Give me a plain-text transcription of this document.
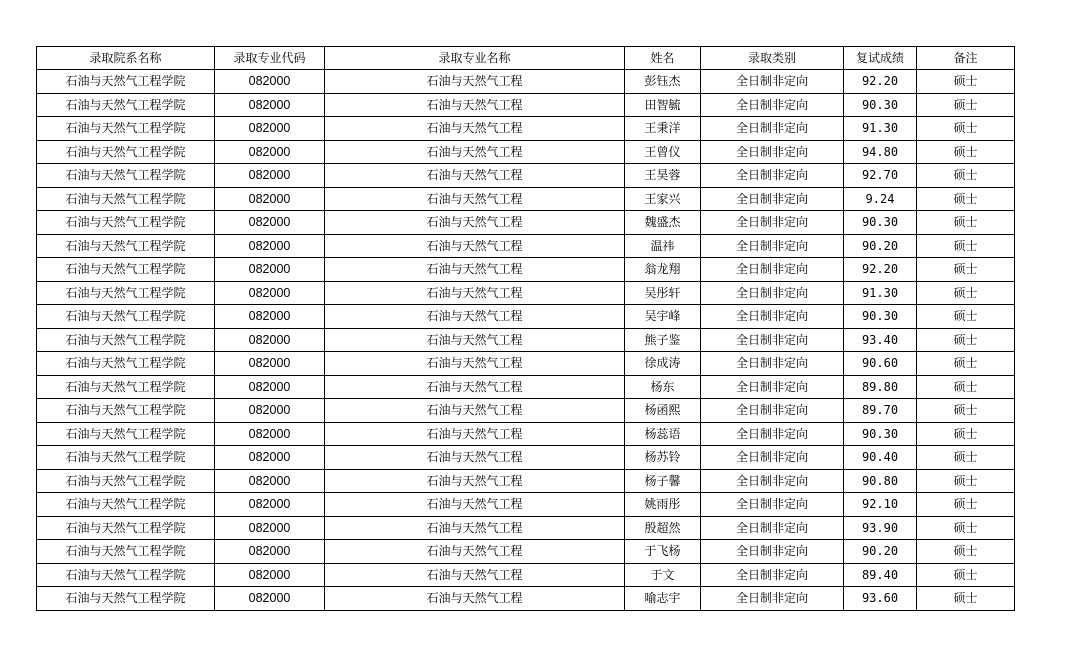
录取院系名称	录取专业代码	录取专业名称	姓名	录取类别	复试成绩	备注
石油与天然气工程学院	082000	石油与天然气工程	彭钰杰	全日制非定向	92.20	硕士
石油与天然气工程学院	082000	石油与天然气工程	田智毓	全日制非定向	90.30	硕士
石油与天然气工程学院	082000	石油与天然气工程	王秉洋	全日制非定向	91.30	硕士
石油与天然气工程学院	082000	石油与天然气工程	王曾仪	全日制非定向	94.80	硕士
石油与天然气工程学院	082000	石油与天然气工程	王昊蓉	全日制非定向	92.70	硕士
石油与天然气工程学院	082000	石油与天然气工程	王家兴	全日制非定向	9.24	硕士
石油与天然气工程学院	082000	石油与天然气工程	魏盛杰	全日制非定向	90.30	硕士
石油与天然气工程学院	082000	石油与天然气工程	温祎	全日制非定向	90.20	硕士
石油与天然气工程学院	082000	石油与天然气工程	翁龙翔	全日制非定向	92.20	硕士
石油与天然气工程学院	082000	石油与天然气工程	吴彤轩	全日制非定向	91.30	硕士
石油与天然气工程学院	082000	石油与天然气工程	吴宇峰	全日制非定向	90.30	硕士
石油与天然气工程学院	082000	石油与天然气工程	熊子鉴	全日制非定向	93.40	硕士
石油与天然气工程学院	082000	石油与天然气工程	徐成涛	全日制非定向	90.60	硕士
石油与天然气工程学院	082000	石油与天然气工程	杨东	全日制非定向	89.80	硕士
石油与天然气工程学院	082000	石油与天然气工程	杨函熙	全日制非定向	89.70	硕士
石油与天然气工程学院	082000	石油与天然气工程	杨蕊语	全日制非定向	90.30	硕士
石油与天然气工程学院	082000	石油与天然气工程	杨苏铃	全日制非定向	90.40	硕士
石油与天然气工程学院	082000	石油与天然气工程	杨子馨	全日制非定向	90.80	硕士
石油与天然气工程学院	082000	石油与天然气工程	姚雨彤	全日制非定向	92.10	硕士
石油与天然气工程学院	082000	石油与天然气工程	殷超然	全日制非定向	93.90	硕士
石油与天然气工程学院	082000	石油与天然气工程	于飞杨	全日制非定向	90.20	硕士
石油与天然气工程学院	082000	石油与天然气工程	于文	全日制非定向	89.40	硕士
石油与天然气工程学院	082000	石油与天然气工程	喻志宇	全日制非定向	93.60	硕士
